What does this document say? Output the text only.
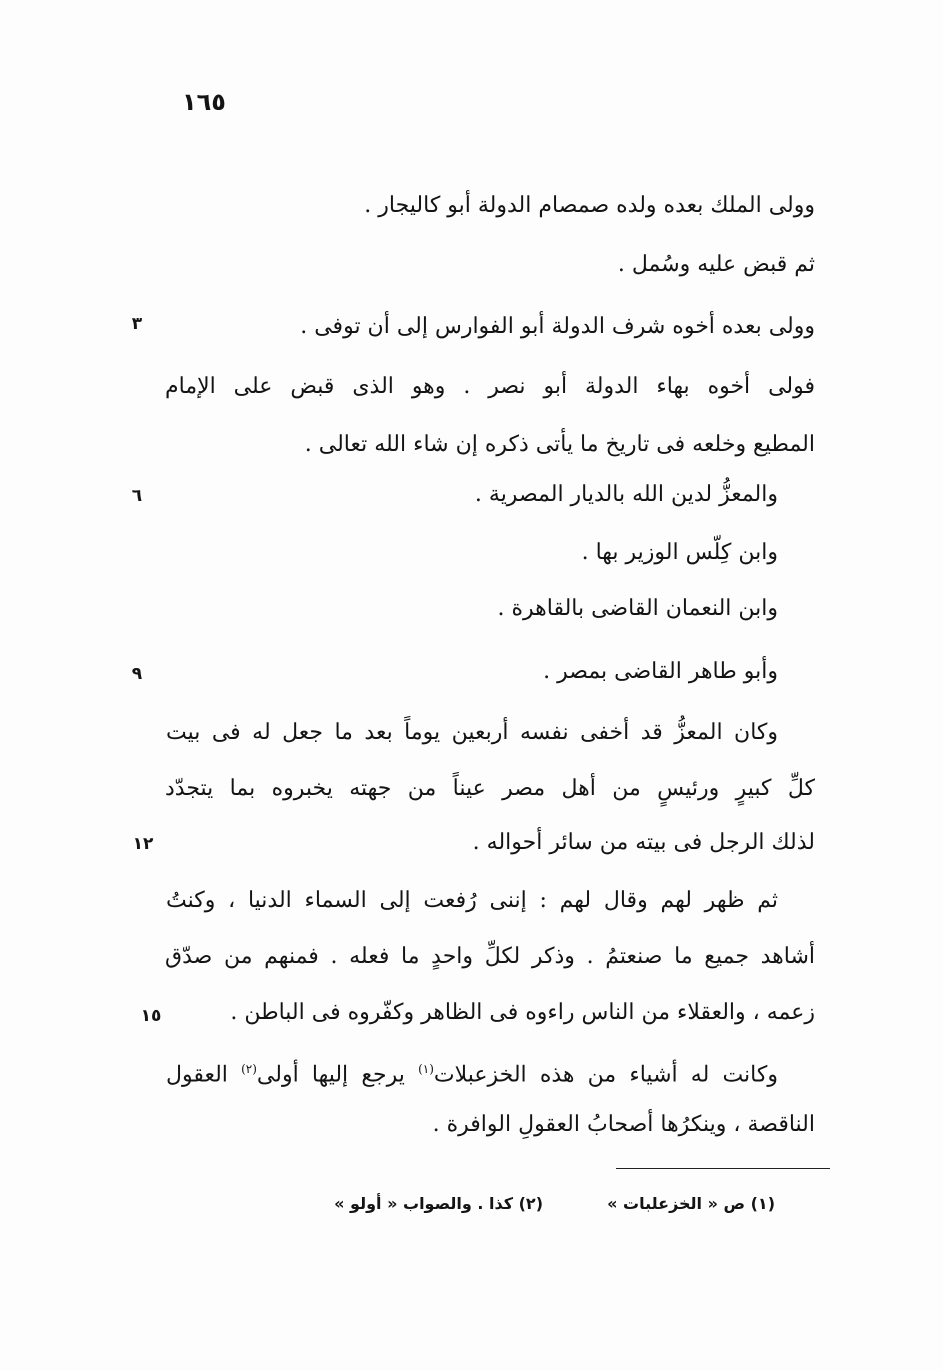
١٦٥
وولى الملك بعده ولده صمصام الدولة أبو كاليجار .
ثم قبض عليه وسُمل .
وولى بعده أخوه شرف الدولة أبو الفوارس إلى أن توفى .
٣
فولى أخوه بهاء الدولة أبو نصر . وهو الذى قبض على الإمام
المطيع وخلعه فى تاريخ ما يأتى ذكره إن شاء الله تعالى .
والمعزُّ لدين الله بالديار المصرية .
٦
وابن كِلّس الوزير بها .
وابن النعمان القاضى بالقاهرة .
وأبو طاهر القاضى بمصر .
٩
وكان المعزُّ قد أخفى نفسه أربعين يوماً بعد ما جعل له فى بيت
كلِّ كبيرٍ ورئيسٍ من أهل مصر عيناً من جهته يخبروه بما يتجدّد
لذلك الرجل فى بيته من سائر أحواله .
١٢
ثم ظهر لهم وقال لهم : إننى رُفعت إلى السماء الدنيا ، وكنتُ
أشاهد جميع ما صنعتمُ . وذكر لكلِّ واحدٍ ما فعله . فمنهم من صدّق
زعمه ، والعقلاء من الناس راءوه فى الظاهر وكفّروه فى الباطن .
١٥
وكانت له أشياء من هذه الخزعبلات$^{(١)}$ يرجع إليها أولى$^{(٢)}$ العقول
الناقصة ، وينكرُها أصحابُ العقولِ الوافرة .
(١) ص « الخزعلبات »
(٢) كذا . والصواب « أولو »
